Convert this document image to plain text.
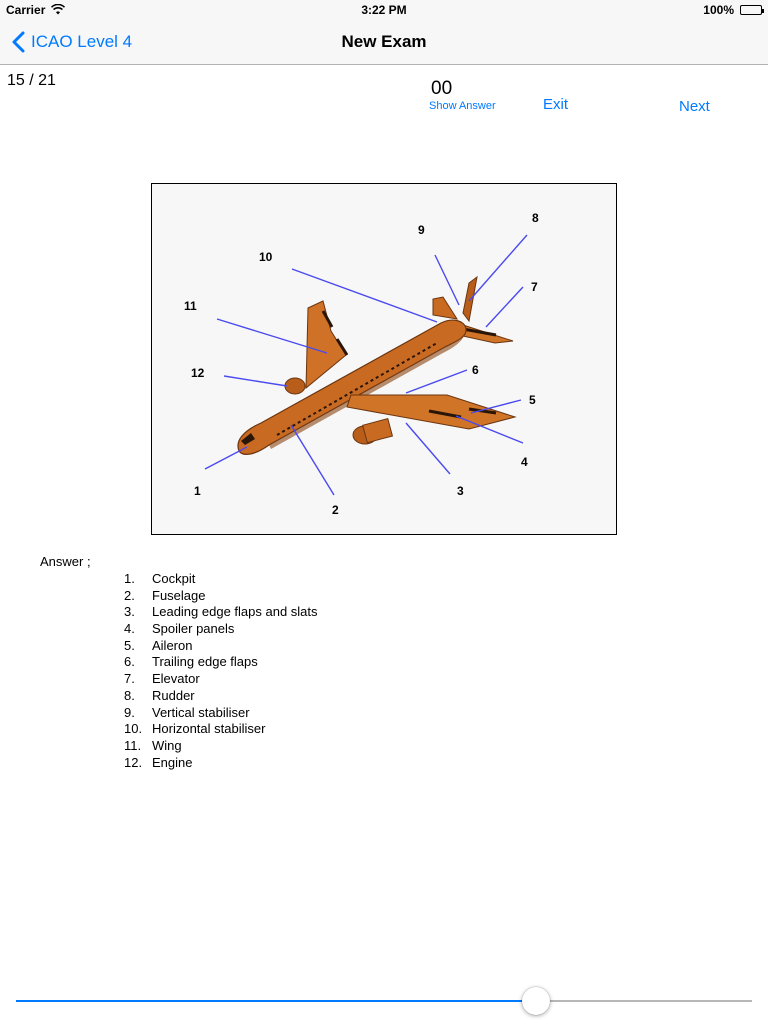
Carrier	3:22 PM	100%
ICAO Level 4	New Exam
15 / 21	00
Show Answer	Exit	Next
1
2
3
4
5
6
7
8
9
10
11
12
Answer ;
1.	Cockpit
2.	Fuselage
3.	Leading edge flaps and slats
4.	Spoiler panels
5.	Aileron
6.	Trailing edge flaps
7.	Elevator
8.	Rudder
9.	Vertical stabiliser
10. Horizontal stabiliser
11. Wing
12. Engine
